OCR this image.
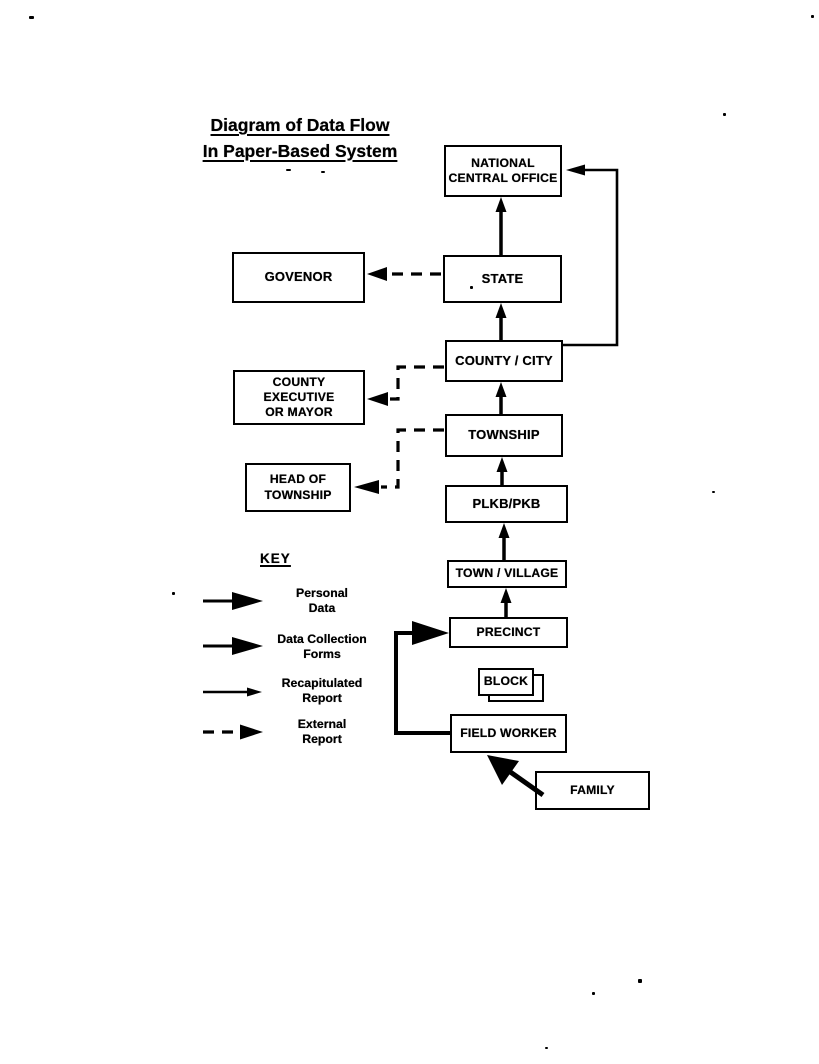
Diagram of Data Flow
In Paper-Based System
NATIONAL
CENTRAL OFFICE
GOVENOR	STATE
COUNTY / CITY
COUNTY
EXECUTIVE
OR MAYOR
TOWNSHIP
HEAD OF
TOWNSHIP
PLKB/PKB
TOWN / VILLAGE
PRECINCT
BLOCK
FIELD WORKER
FAMILY
KEY
Personal
Data
Data Collection
Forms
Recapitulated
Report
External
Report
